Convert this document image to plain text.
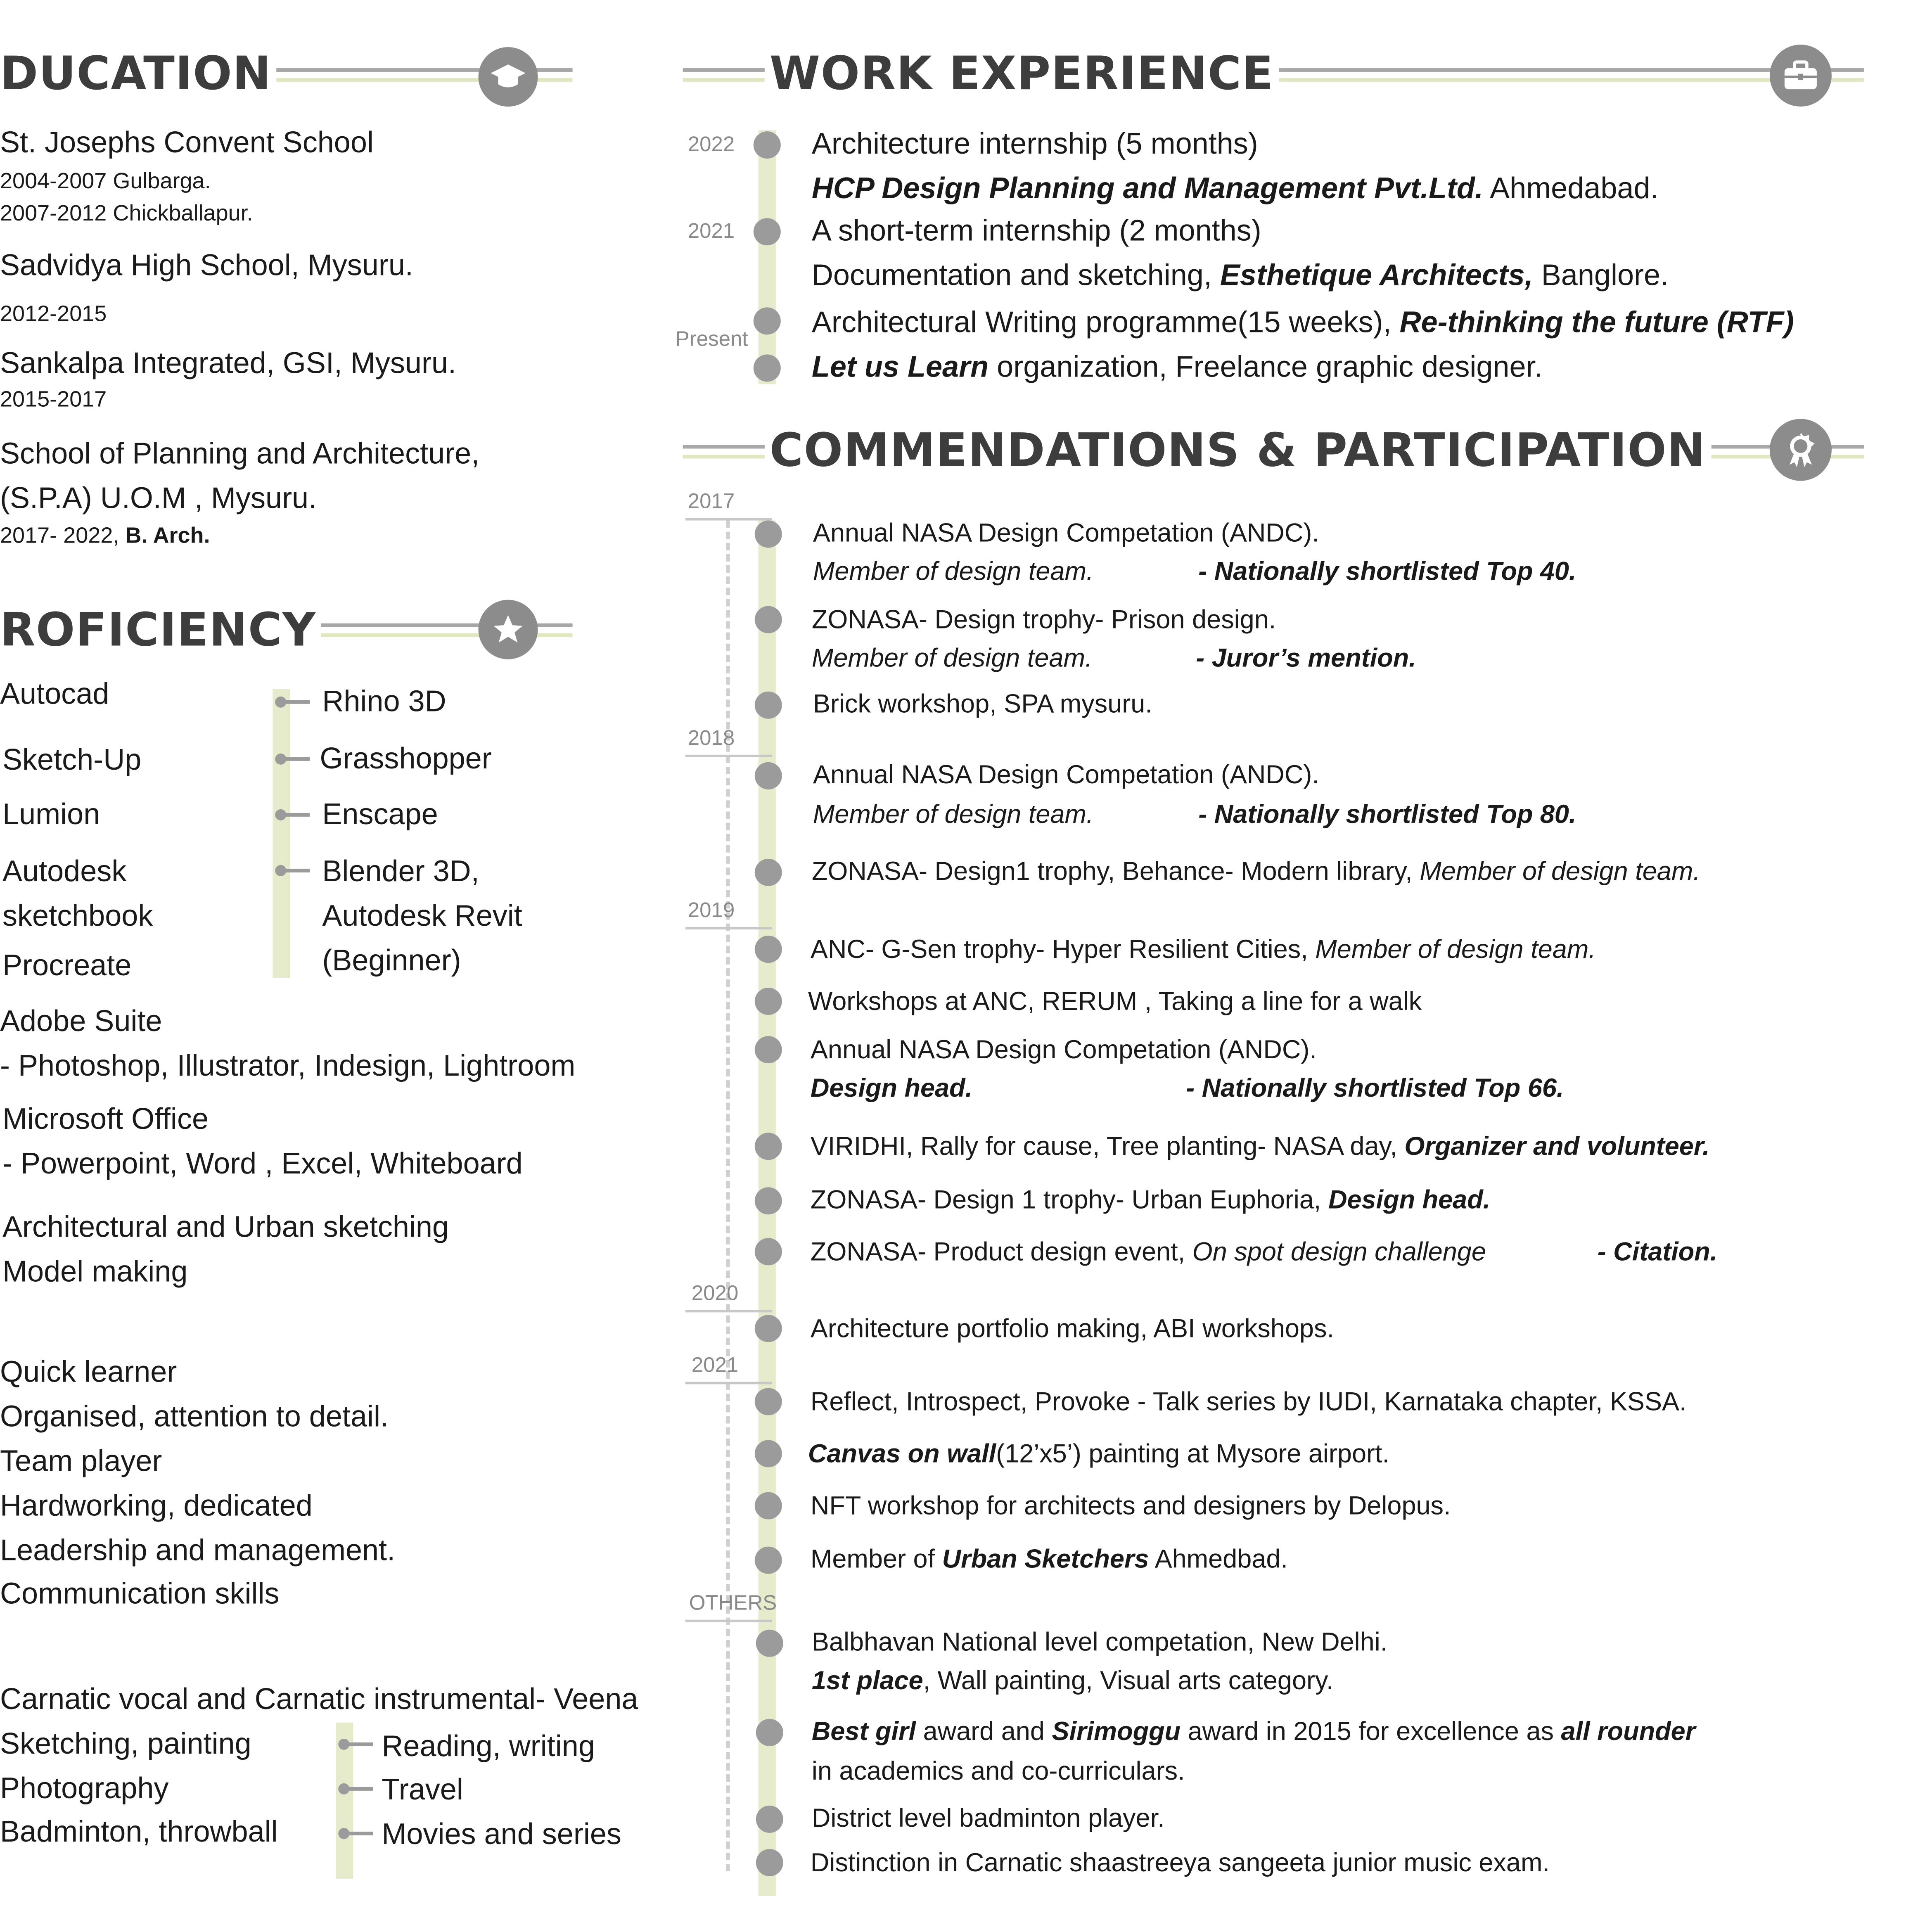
DUCATION
St. Josephs Convent School
2004-2007 Gulbarga.
2007-2012 Chickballapur.
Sadvidya High School, Mysuru.
2012-2015
Sankalpa Integrated, GSI, Mysuru.
2015-2017
School of Planning and Architecture,
(S.P.A) U.O.M , Mysuru.
2017- 2022, B. Arch.
ROFICIENCY
Autocad
Sketch-Up
Lumion
Autodesk
sketchbook
Procreate
Rhino 3D
Grasshopper
Enscape
Blender 3D,
Autodesk Revit
(Beginner)
Adobe Suite
- Photoshop, Illustrator, Indesign, Lightroom
Microsoft Office
- Powerpoint, Word , Excel, Whiteboard
Architectural and Urban sketching
Model making
Quick learner
Organised, attention to detail.
Team player
Hardworking, dedicated
Leadership and management.
Communication skills
Carnatic vocal and Carnatic instrumental- Veena
Sketching, painting
Photography
Badminton, throwball
Reading, writing
Travel
Movies and series
WORK EXPERIENCE
2022
2021
Present
Architecture internship (5 months)
HCP Design Planning and Management Pvt.Ltd. Ahmedabad.
A short-term internship (2 months)
Documentation and sketching, Esthetique Architects, Banglore.
Architectural Writing programme(15 weeks), Re-thinking the future (RTF)
Let us Learn organization, Freelance graphic designer.
COMMENDATIONS & PARTICIPATION
2017
2018
2019
2020
2021
OTHERS
Annual NASA Design Competation (ANDC).
Member of design team.	- Nationally shortlisted Top 40.
ZONASA- Design trophy- Prison design.
Member of design team.	- Juror’s mention.
Brick workshop, SPA mysuru.
Annual NASA Design Competation (ANDC).
Member of design team.	- Nationally shortlisted Top 80.
ZONASA- Design1 trophy, Behance- Modern library, Member of design team.
ANC- G-Sen trophy- Hyper Resilient Cities, Member of design team.
Workshops at ANC, RERUM , Taking a line for a walk
Annual NASA Design Competation (ANDC).
Design head.	- Nationally shortlisted Top 66.
VIRIDHI, Rally for cause, Tree planting- NASA day, Organizer and volunteer.
ZONASA- Design 1 trophy- Urban Euphoria, Design head.
ZONASA- Product design event, On spot design challenge	- Citation.
Architecture portfolio making, ABI workshops.
Reflect, Introspect, Provoke - Talk series by IUDI, Karnataka chapter, KSSA.
Canvas on wall(12’x5’) painting at Mysore airport.
NFT workshop for architects and designers by Delopus.
Member of Urban Sketchers Ahmedbad.
Balbhavan National level competation, New Delhi.
1st place, Wall painting, Visual arts category.
Best girl award and Sirimoggu award in 2015 for excellence as all rounder
in academics and co-curriculars.
District level badminton player.
Distinction in Carnatic shaastreeya sangeeta junior music exam.
